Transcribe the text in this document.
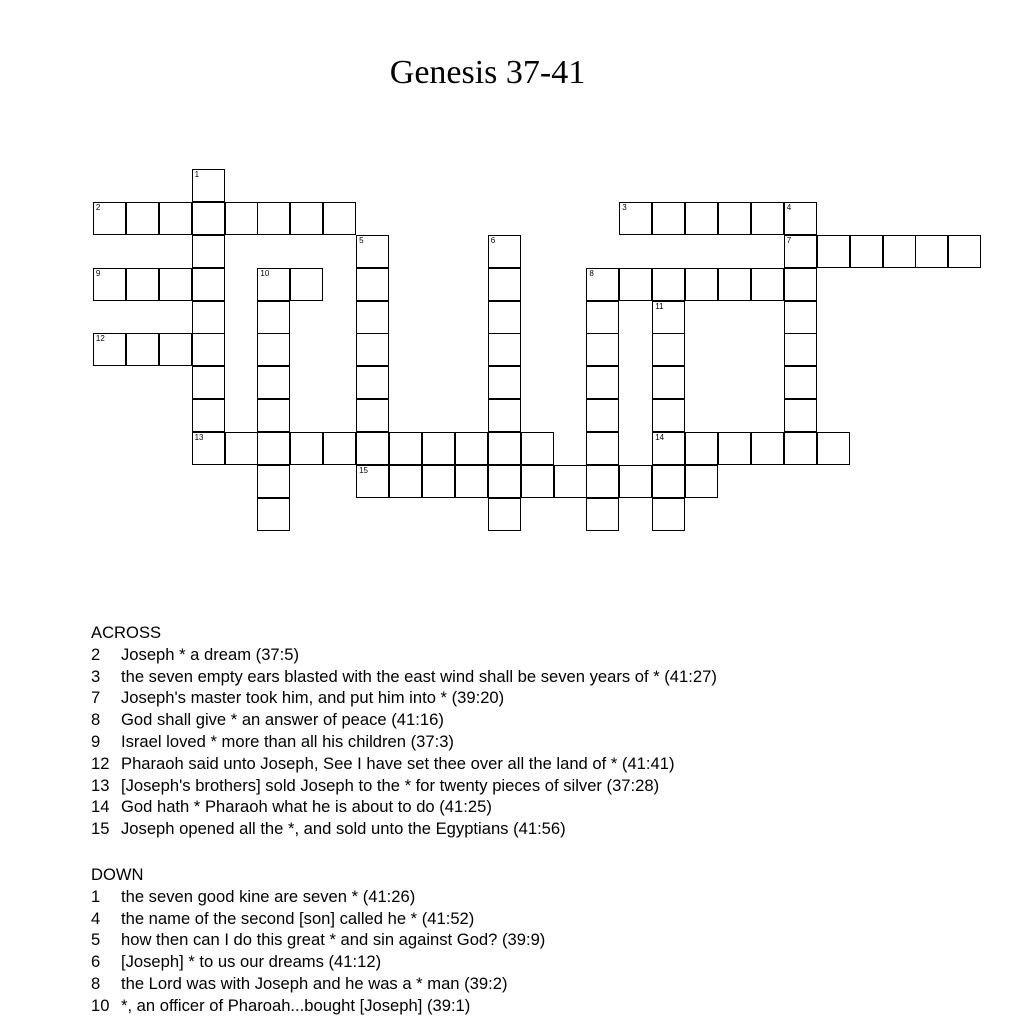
Genesis 37-41
1
13
2
9	10
12
5
15
6
3	4
7
8
11
14
ACROSS
2	Joseph * a dream (37:5)
3	the seven empty ears blasted with the east wind shall be seven years of * (41:27)
7	Joseph's master took him, and put him into * (39:20)
8	God shall give * an answer of peace (41:16)
9	Israel loved * more than all his children (37:3)
12 Pharaoh said unto Joseph, See I have set thee over all the land of * (41:41)
13 [Joseph's brothers] sold Joseph to the * for twenty pieces of silver (37:28)
14 God hath * Pharaoh what he is about to do (41:25)
15 Joseph opened all the *, and sold unto the Egyptians (41:56)
DOWN
1	the seven good kine are seven * (41:26)
4	the name of the second [son] called he * (41:52)
5	how then can I do this great * and sin against God? (39:9)
6	[Joseph] * to us our dreams (41:12)
8	the Lord was with Joseph and he was a * man (39:2)
10 *, an officer of Pharoah...bought [Joseph] (39:1)
